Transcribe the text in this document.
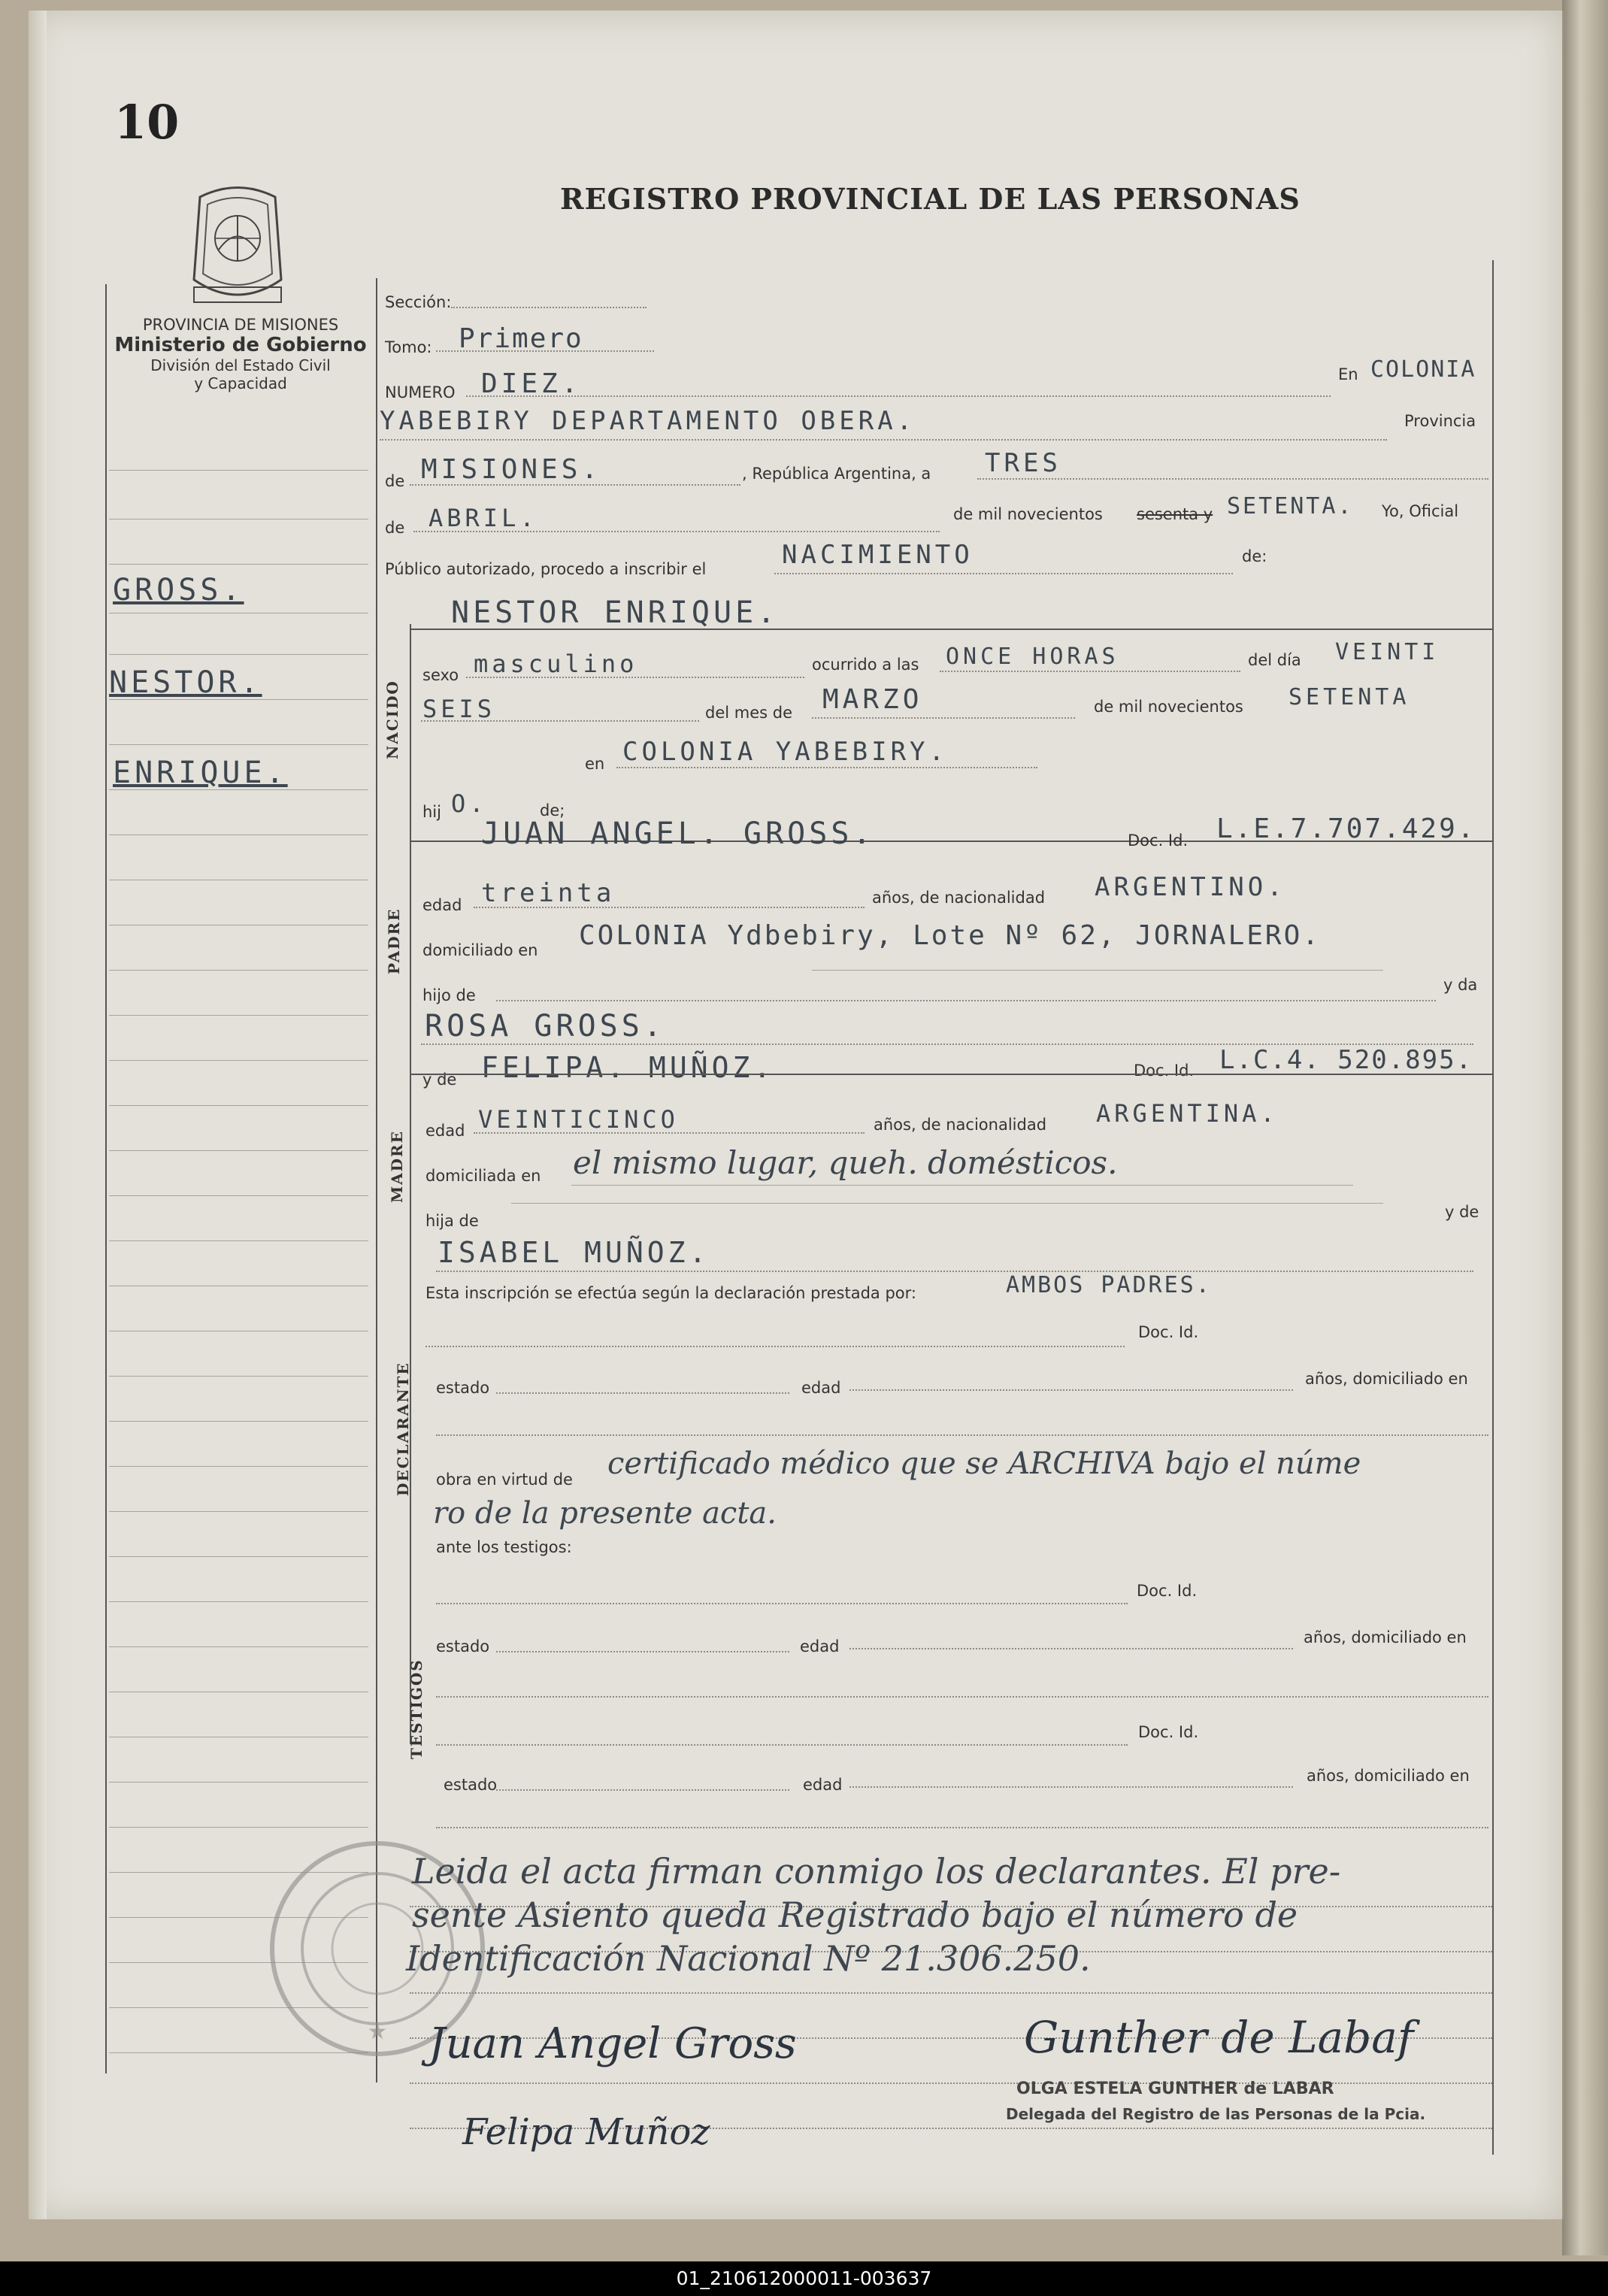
10
REGISTRO PROVINCIAL DE LAS PERSONAS
PROVINCIA DE MISIONES
Ministerio de Gobierno
División del Estado Civil
y Capacidad
GROSS.
NESTOR.
ENRIQUE.
Sección:
Tomo: Primero
NUMERO DIEZ.	En COLONIA
YABEBIRY DEPARTAMENTO OBERA.	Provincia
de MISIONES.	, República Argentina, a TRES
de ABRIL.	de mil novecientos sesenta y SETENTA. Yo, Oficial
Público autorizado, procedo a inscribir el	NACIMIENTO	de:
NESTOR ENRIQUE.
NACIDO
sexo masculino	ocurrido a las ONCE HORAS	del día VEINTI
SEIS	del mes de MARZO	de mil novecientos SETENTA
en COLONIA YABEBIRY.
hij O.	de;
JUAN ANGEL. GROSS.	Doc. Id. L.E.7.707.429.
PADRE
edad treinta	años, de nacionalidad ARGENTINO.
domiciliado en COLONIA Ydbebiry, Lote Nº 62, JORNALERO.
hijo de
y da
ROSA GROSS.
y de FELIPA. MUÑOZ.	Doc. Id. L.C.4. 520.895.
MADRE edad VEINTICINCO	años, de nacionalidad ARGENTINA.
domiciliada en el mismo lugar, queh. domésticos.
hija de	y de
ISABEL MUÑOZ.
Esta inscripción se efectúa según la declaración prestada por:	AMBOS PADRES.
Doc. Id.
DECLARANTE estado	edad	años, domiciliado en
obra en virtud de certificado médico que se ARCHIVA bajo el núme
ro de la presente acta.
ante los testigos:
Doc. Id.
TESTIGOS
estado	edad	años, domiciliado en
Doc. Id.
estado	edad	años, domiciliado en
★
Leida el acta firman conmigo los declarantes. El pre-
sente Asiento queda Registrado bajo el número de
Identificación Nacional Nº 21.306.250.
Juan Angel Gross
Felipa Muñoz
Gunther de Labaf
OLGA ESTELA GUNTHER de LABAR
Delegada del Registro de las Personas de la Pcia.
01_210612000011-003637
